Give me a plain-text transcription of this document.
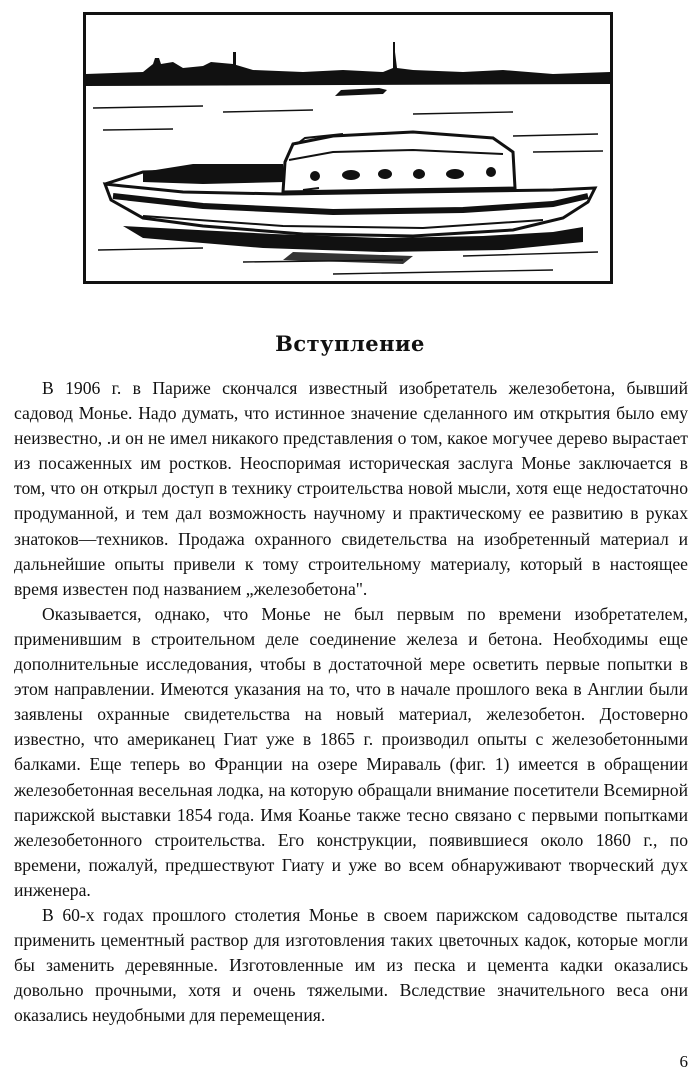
Вступление

В 1906 г. в Париже скончался известный изобретатель железобетона, бывший садовод Монье. Надо думать, что истинное значение сделанного им открытия было ему неизвестно, .и он не имел никакого представления о том, какое могучее дерево вырастает из посаженных им ростков. Неоспоримая историческая заслуга Монье заключается в том, что он открыл доступ в технику строительства новой мысли, хотя еще недостаточно продуманной, и тем дал возможность научному и практическому ее развитию в руках знатоков—техников. Продажа охранного свидетельства на изобретенный материал и дальнейшие опыты привели к тому строительному материалу, который в настоящее время известен под названием „железобетона".

Оказывается, однако, что Монье не был первым по времени изобретателем, применившим в строительном деле соединение железа и бетона. Необходимы еще дополнительные исследования, чтобы в достаточной мере осветить первые попытки в этом направлении. Имеются указания на то, что в начале прошлого века в Англии были заявлены охранные свидетельства на новый материал, железобетон. Достоверно известно, что американец Гиат уже в 1865 г. производил опыты с железобетонными балками. Еще теперь во Франции на озере Мираваль (фиг. 1) имеется в обращении железобетонная весельная лодка, на которую обращали внимание посетители Всемирной парижской выставки 1854 года. Имя Коанье также тесно связано с первыми попытками железобетонного строительства. Его конструкции, появившиеся около 1860 г., по времени, пожалуй, предшествуют Гиату и уже во всем обнаруживают творческий дух инженера.

В 60-х годах прошлого столетия Монье в своем парижском садоводстве пытался применить цементный раствор для изготовления таких цветочных кадок, которые могли бы заменить деревянные. Изготовленные им из песка и цемента кадки оказались довольно прочными, хотя и очень тяжелыми. Вследствие значительного веса они оказались неудобными для перемещения.

6
